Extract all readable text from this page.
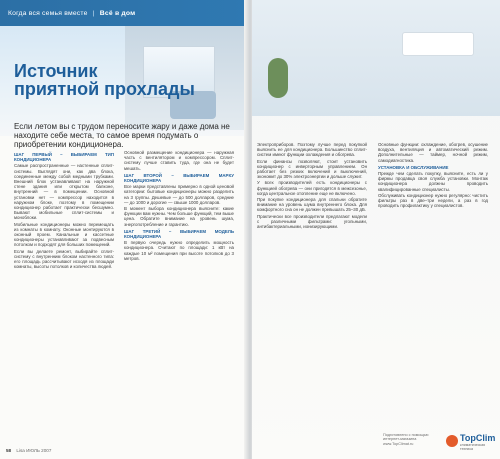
Когда вся семья вместе | Всё в дом
Источник
приятной прохлады
Если летом вы с трудом переносите жару и даже дома не находите себе места, то самое время подумать о приобретении кондиционера.
ШАГ ПЕРВЫЙ – ВЫБИРАЕМ ТИП КОНДИЦИОНЕРА

Самые распространенные — настенные сплит-системы. Выглядят они, как два блока, соединенные между собой медными трубками. Внешний блок устанавливают на наружной стене здания или открытом балконе, внутренний — в помещении. Основной установки нет — компрессор находится в наружном блоке, поэтому в помещении кондиционер работает практически бесшумно. Бывают мобильные сплит-системы и моноблоки.

Мобильные кондиционеры можно перемещать из комнаты в комнату. Оконные монтируются в оконный проем. Канальные и кассетные кондиционеры устанавливают за подвесным потолком и подходят для больших помещений.

Если вы делаете ремонт, выбирайте сплит-систему с внутренним блоком настенного типа: его площадь рассчитывают исходя из площади комнаты, высоты потолков и количества людей.

Основной размещение кондиционера — наружная часть с вентилятором и компрессором. Сплит-систему лучше ставить туда, где она не будет мешать.

ШАГ ВТОРОЙ – ВЫБИРАЕМ МАРКУ КОНДИЦИОНЕРА

Все марки представлены примерно в одной ценовой категории: бытовые кондиционеры можно разделить на 3 группы. Дешевые — до 500 долларов, средние — до 1000 и дорогие — свыше 1000 долларов.

В момент выбора кондиционера выясните: какие функции вам нужны. Чем больше функций, тем выше цена. Обратите внимание на уровень шума, энергопотребление и гарантию.

ШАГ ТРЕТИЙ – ВЫБИРАЕМ МОДЕЛЬ КОНДИЦИОНЕРА

В первую очередь нужно определить мощность кондиционера. Считают по площади: 1 кВт на каждые 10 м² помещения при высоте потолков до 3 метров.

58 Lisa ИЮЛЬ 2007

Электроприборов. Поэтому лучше перед покупкой выяснить ее для кондиционера. Большинство сплит-систем имеют функции охлаждения и обогрева.

Если финансы позволяют, стоит установить кондиционер с инверторным управлением. Он работает без резких включений и выключений, экономит до 30% электроэнергии и дольше служит.

У всех производителей есть кондиционеры с функцией обогрева — они пригодятся в межсезонье, когда центральное отопление еще не включено.

При покупке кондиционера для спальни обратите внимание на уровень шума внутреннего блока. Для комфортного сна он не должен превышать 25–30 дБ.

Практически все производители предлагают модели с различными фильтрами: угольными, антибактериальными, ионизирующими.

Основные функции: охлаждение, обогрев, осушение воздуха, вентиляция и автоматический режим. Дополнительные — таймер, ночной режим, самодиагностика.

УСТАНОВКА И ОБСЛУЖИВАНИЕ

Прежде чем сделать покупку, выясните, есть ли у фирмы продавца своя служба установки. Монтаж кондиционера должны проводить квалифицированные специалисты.

Обслуживать кондиционер нужно регулярно: чистить фильтры раз в две–три недели, а раз в год проводить профилактику у специалистов.

Подготовлено с помощью интернет-магазина www.TopClimat.ru
TopClim
климатическая техника
